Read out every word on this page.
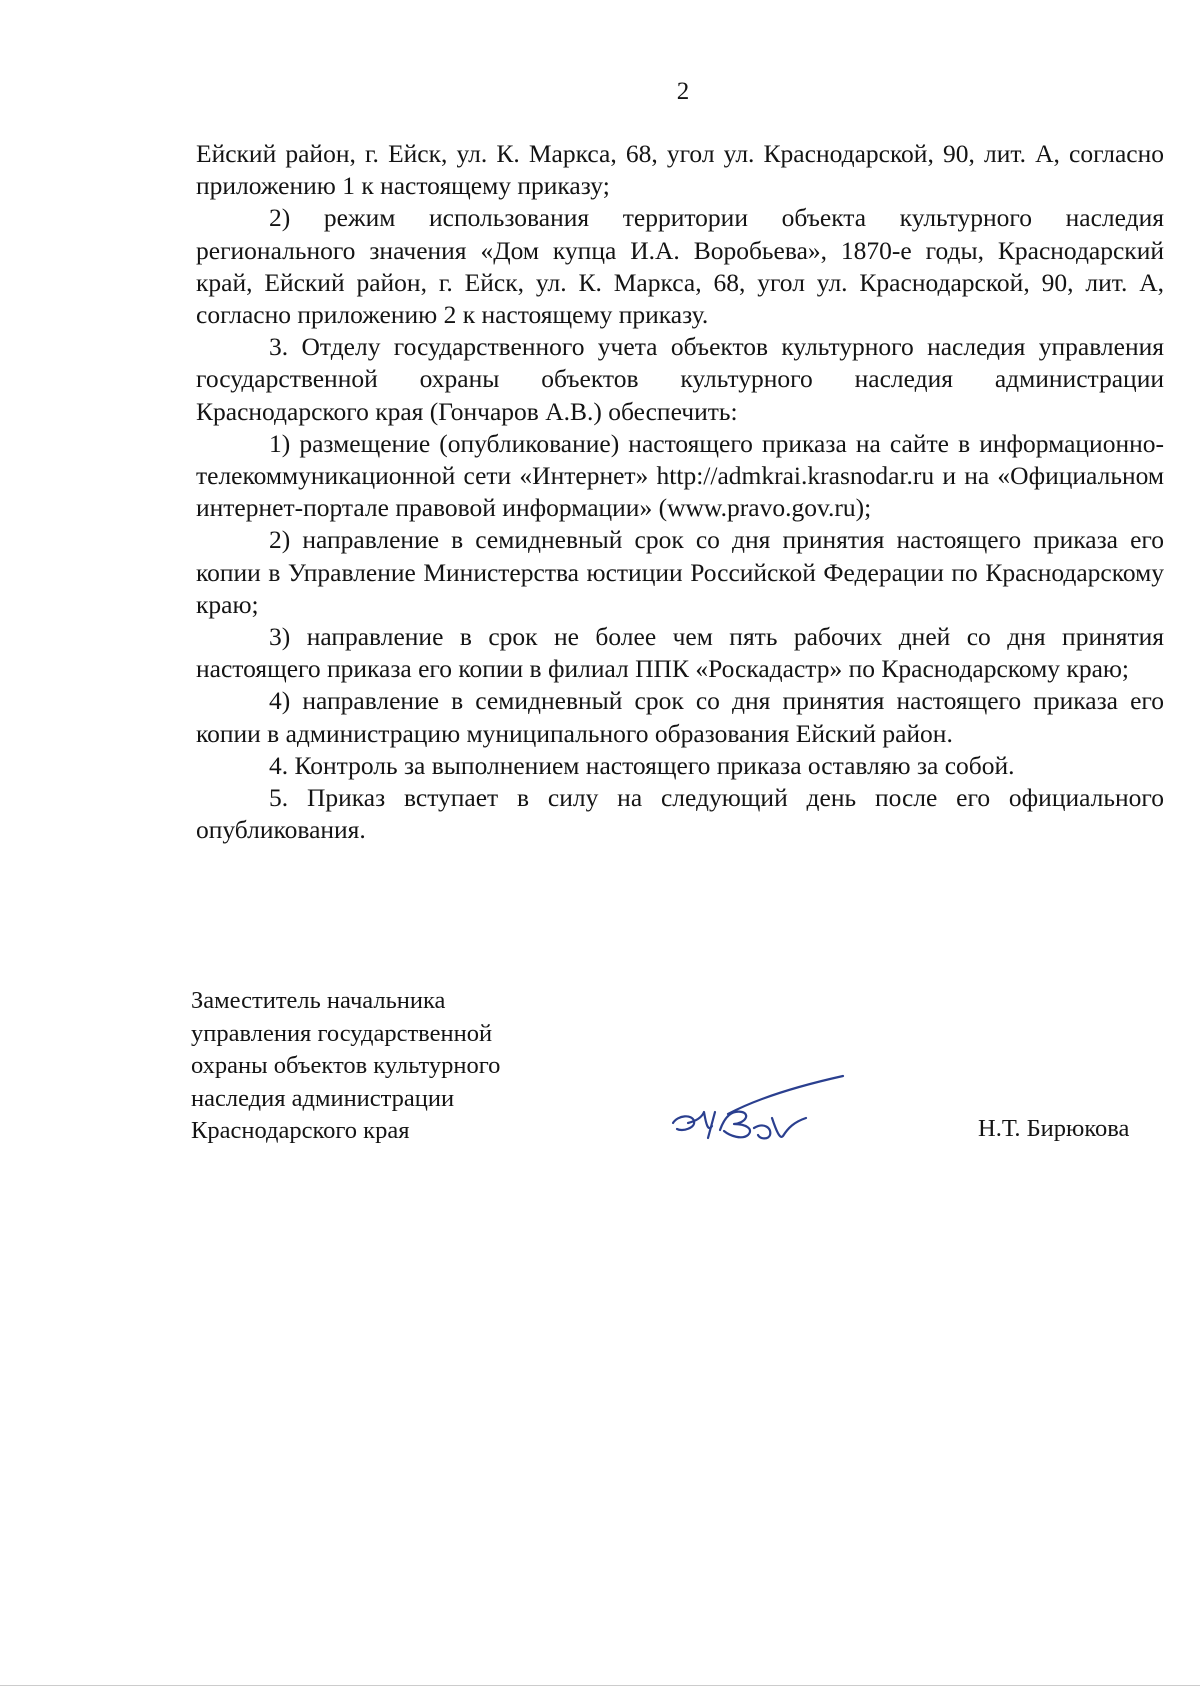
2

Ейский район, г. Ейск, ул. К. Маркса, 68, угол ул. Краснодарской, 90, лит. А, согласно приложению 1 к настоящему приказу;

2) режим использования территории объекта культурного наследия регионального значения «Дом купца И.А. Воробьева», 1870-е годы, Краснодарский край, Ейский район, г. Ейск, ул. К. Маркса, 68, угол ул. Краснодарской, 90, лит. А, согласно приложению 2 к настоящему приказу.

3. Отделу государственного учета объектов культурного наследия управления государственной охраны объектов культурного наследия администрации Краснодарского края (Гончаров А.В.) обеспечить:

1) размещение (опубликование) настоящего приказа на сайте в информационно-телекоммуникационной сети «Интернет» http://admkrai.krasnodar.ru и на «Официальном интернет-портале правовой информации» (www.pravo.gov.ru);

2) направление в семидневный срок со дня принятия настоящего приказа его копии в Управление Министерства юстиции Российской Федерации по Краснодарскому краю;

3) направление в срок не более чем пять рабочих дней со дня принятия настоящего приказа его копии в филиал ППК «Роскадастр» по Краснодарскому краю;

4) направление в семидневный срок со дня принятия настоящего приказа его копии в администрацию муниципального образования Ейский район.

4. Контроль за выполнением настоящего приказа оставляю за собой.

5. Приказ вступает в силу на следующий день после его официального опубликования.

Заместитель начальника
управления государственной
охраны объектов культурного
наследия администрации
Краснодарского края	Н.Т. Бирюкова
